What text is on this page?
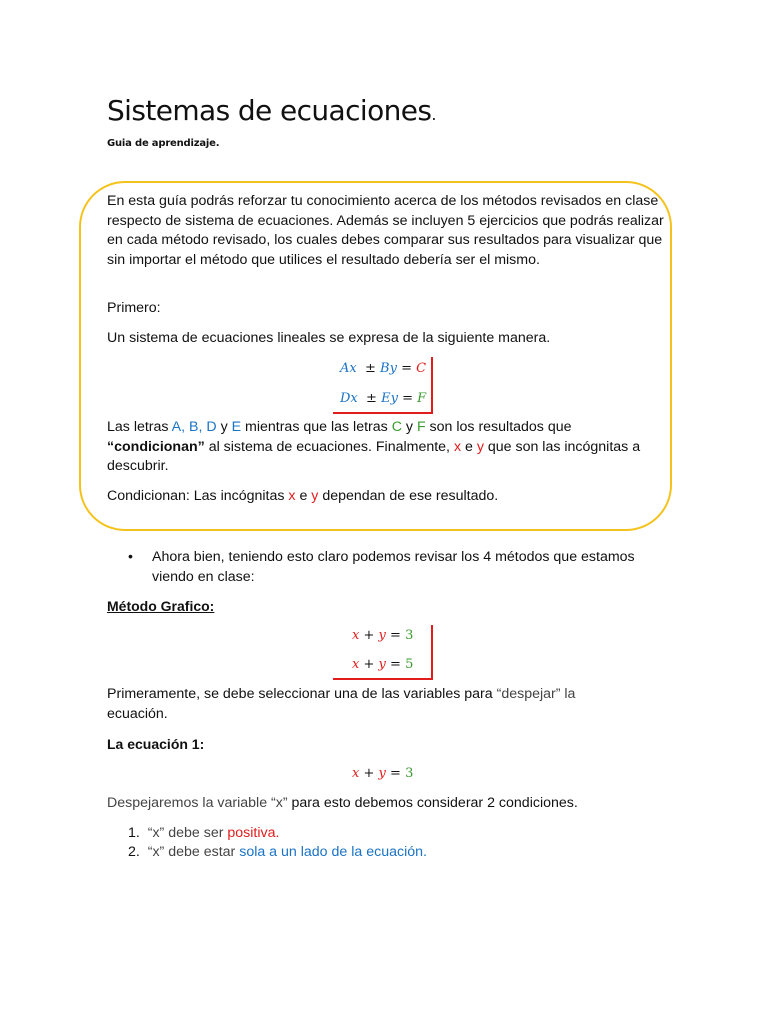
Sistemas de ecuaciones.

Guia de aprendizaje.

En esta guía podrás reforzar tu conocimiento acerca de los métodos revisados en clase respecto de sistema de ecuaciones. Además se incluyen 5 ejercicios que podrás realizar en cada método revisado, los cuales debes comparar sus resultados para visualizar que sin importar el método que utilices el resultado debería ser el mismo.

Primero:

Un sistema de ecuaciones lineales se expresa de la siguiente manera.

Ax ± By = C
Dx ± Ey = F

Las letras A, B, D y E mientras que las letras C y F son los resultados que “condicionan” al sistema de ecuaciones. Finalmente, x e y que son las incógnitas a descubrir.

Condicionan: Las incógnitas x e y dependan de ese resultado.

•	Ahora bien, teniendo esto claro podemos revisar los 4 métodos que estamos viendo en clase:

Método Grafico:

x + y = 3
x + y = 5

Primeramente, se debe seleccionar una de las variables para “despejar” la ecuación.

La ecuación 1:

x + y = 3

Despejaremos la variable “x” para esto debemos considerar 2 condiciones.

1. “x” debe ser positiva.

2. “x” debe estar sola a un lado de la ecuación.
